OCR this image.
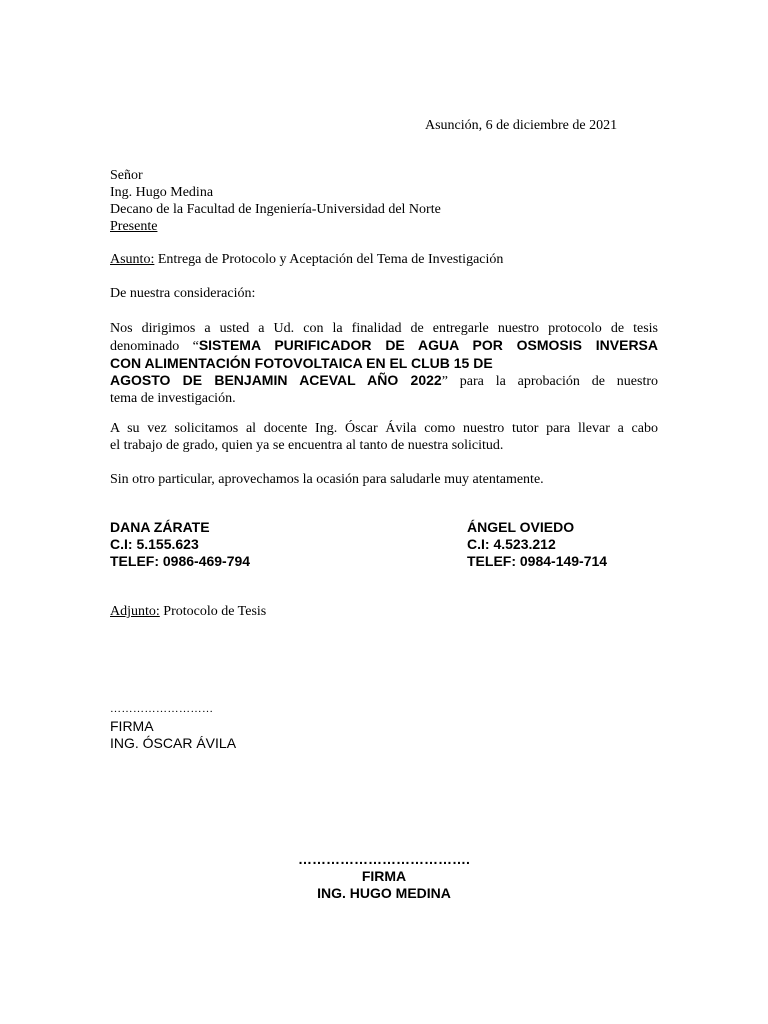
Asunción, 6 de diciembre de 2021
Señor
Ing. Hugo Medina
Decano de la Facultad de Ingeniería-Universidad del Norte
Presente
Asunto: Entrega de Protocolo y Aceptación del Tema de Investigación
De nuestra consideración:
Nos dirigimos a usted a Ud. con la finalidad de entregarle nuestro protocolo de tesis
denominado “SISTEMA PURIFICADOR DE AGUA POR OSMOSIS INVERSA
CON ALIMENTACIÓN FOTOVOLTAICA EN EL CLUB 15 DE
AGOSTO DE BENJAMIN ACEVAL AÑO 2022” para la aprobación de nuestro
tema de investigación.
A su vez solicitamos al docente Ing. Óscar Ávila como nuestro tutor para llevar a cabo
el trabajo de grado, quien ya se encuentra al tanto de nuestra solicitud.
Sin otro particular, aprovechamos la ocasión para saludarle muy atentamente.
DANA ZÁRATE
C.I: 5.155.623
TELEF: 0986-469-794
ÁNGEL OVIEDO
C.I: 4.523.212
TELEF: 0984-149-714
Adjunto: Protocolo de Tesis
………………………
FIRMA
ING. ÓSCAR ÁVILA
……………………………….
FIRMA
ING. HUGO MEDINA
